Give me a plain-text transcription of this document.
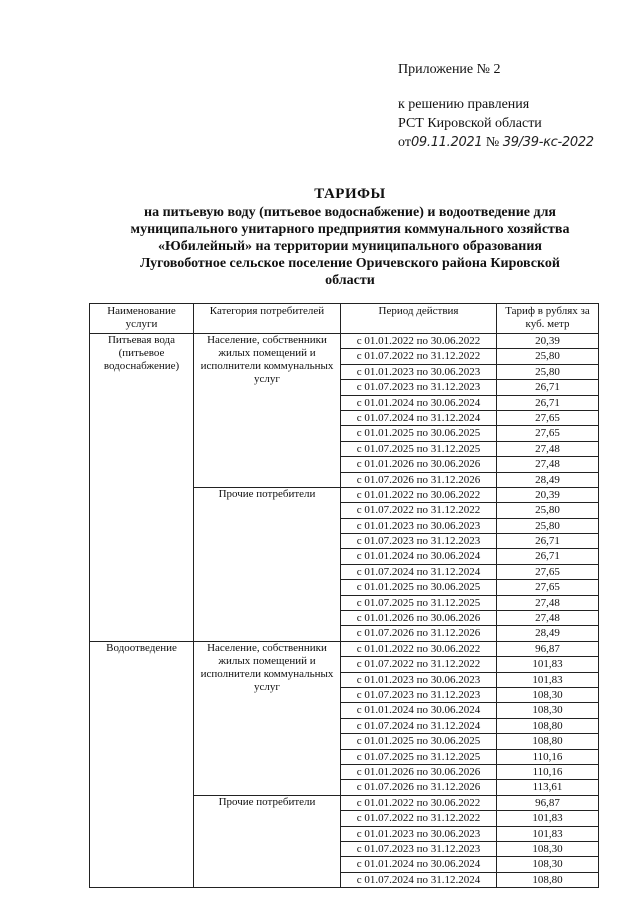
Приложение № 2
к решению правления
РСТ Кировской области
от09.11.2021 № 39/39-кс-2022
ТАРИФЫ
на питьевую воду (питьевое водоснабжение) и водоотведение для
муниципального унитарного предприятия коммунального хозяйства
«Юбилейный» на территории муниципального образования
Луговоботное сельское поселение Оричевского района Кировской
области
Наименование услуги	Категория потребителей	Период действия	Тариф в рублях за куб. метр
Питьевая вода (питьевое водоснабжение)	Население, собственники жилых помещений и исполнители коммунальных услуг	с 01.01.2022 по 30.06.2022	20,39
		с 01.07.2022 по 31.12.2022	25,80
		с 01.01.2023 по 30.06.2023	25,80
		с 01.07.2023 по 31.12.2023	26,71
		с 01.01.2024 по 30.06.2024	26,71
		с 01.07.2024 по 31.12.2024	27,65
		с 01.01.2025 по 30.06.2025	27,65
		с 01.07.2025 по 31.12.2025	27,48
		с 01.01.2026 по 30.06.2026	27,48
		с 01.07.2026 по 31.12.2026	28,49
	Прочие потребители	с 01.01.2022 по 30.06.2022	20,39
		с 01.07.2022 по 31.12.2022	25,80
		с 01.01.2023 по 30.06.2023	25,80
		с 01.07.2023 по 31.12.2023	26,71
		с 01.01.2024 по 30.06.2024	26,71
		с 01.07.2024 по 31.12.2024	27,65
		с 01.01.2025 по 30.06.2025	27,65
		с 01.07.2025 по 31.12.2025	27,48
		с 01.01.2026 по 30.06.2026	27,48
		с 01.07.2026 по 31.12.2026	28,49
Водоотведение	Население, собственники жилых помещений и исполнители коммунальных услуг	с 01.01.2022 по 30.06.2022	96,87
		с 01.07.2022 по 31.12.2022	101,83
		с 01.01.2023 по 30.06.2023	101,83
		с 01.07.2023 по 31.12.2023	108,30
		с 01.01.2024 по 30.06.2024	108,30
		с 01.07.2024 по 31.12.2024	108,80
		с 01.01.2025 по 30.06.2025	108,80
		с 01.07.2025 по 31.12.2025	110,16
		с 01.01.2026 по 30.06.2026	110,16
		с 01.07.2026 по 31.12.2026	113,61
	Прочие потребители	с 01.01.2022 по 30.06.2022	96,87
		с 01.07.2022 по 31.12.2022	101,83
		с 01.01.2023 по 30.06.2023	101,83
		с 01.07.2023 по 31.12.2023	108,30
		с 01.01.2024 по 30.06.2024	108,30
		с 01.07.2024 по 31.12.2024	108,80
